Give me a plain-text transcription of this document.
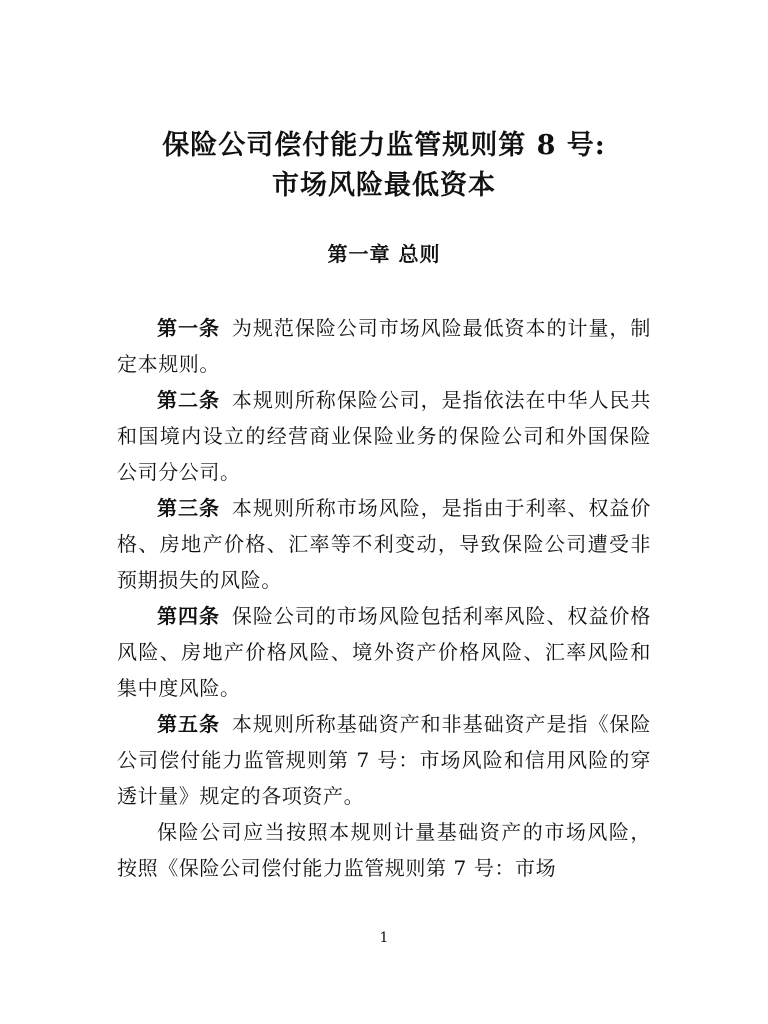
保险公司偿付能力监管规则第 8 号:
市场风险最低资本
第一章 总则

第一条 为规范保险公司市场风险最低资本的计量，制定本规则。

第二条 本规则所称保险公司，是指依法在中华人民共和国境内设立的经营商业保险业务的保险公司和外国保险公司分公司。

第三条 本规则所称市场风险，是指由于利率、权益价格、房地产价格、汇率等不利变动，导致保险公司遭受非预期损失的风险。

第四条 保险公司的市场风险包括利率风险、权益价格风险、房地产价格风险、境外资产价格风险、汇率风险和集中度风险。

第五条 本规则所称基础资产和非基础资产是指《保险公司偿付能力监管规则第 7 号：市场风险和信用风险的穿透计量》规定的各项资产。

保险公司应当按照本规则计量基础资产的市场风险，按照《保险公司偿付能力监管规则第 7 号：市场

1
